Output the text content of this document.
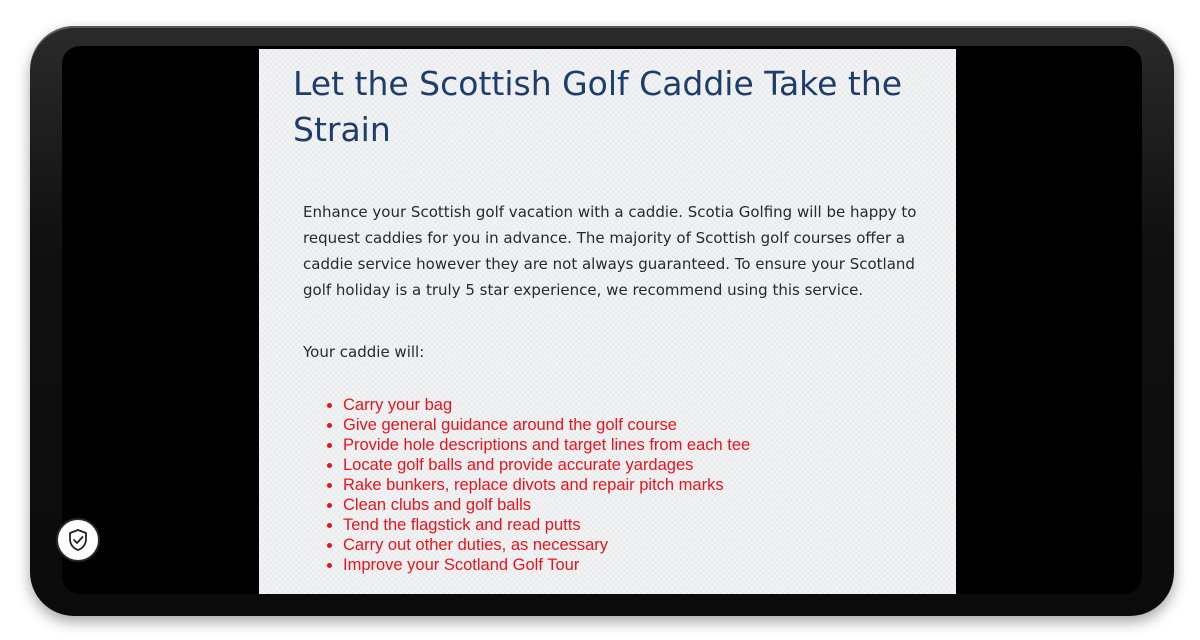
Let the Scottish Golf Caddie Take the Strain

Enhance your Scottish golf vacation with a caddie. Scotia Golfing will be happy to request caddies for you in advance. The majority of Scottish golf courses offer a caddie service however they are not always guaranteed. To ensure your Scotland golf holiday is a truly 5 star experience, we recommend using this service.

Your caddie will:

• Carry your bag
• Give general guidance around the golf course
• Provide hole descriptions and target lines from each tee
• Locate golf balls and provide accurate yardages
• Rake bunkers, replace divots and repair pitch marks
• Clean clubs and golf balls
• Tend the flagstick and read putts
• Carry out other duties, as necessary
• Improve your Scotland Golf Tour
